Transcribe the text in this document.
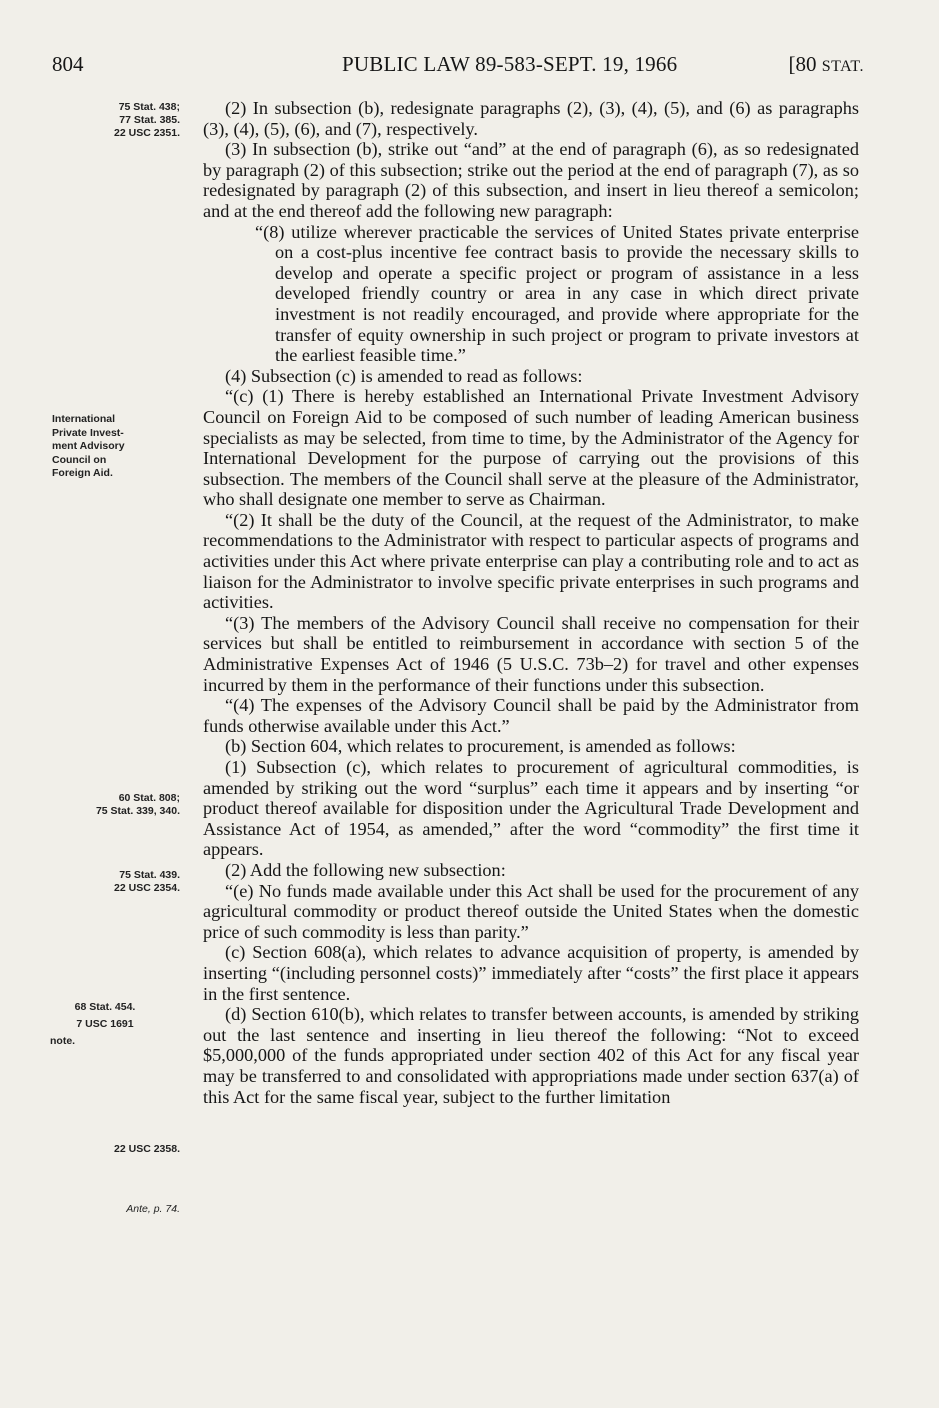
804	PUBLIC LAW 89-583-SEPT. 19, 1966	[80 STAT.
75 Stat. 438;
77 Stat. 385.
22 USC 2351.
International
Private Invest-
ment Advisory
Council on
Foreign Aid.
60 Stat. 808;
75 Stat. 339, 340.
75 Stat. 439.
22 USC 2354.
68 Stat. 454.
7 USC 1691
note.
22 USC 2358.
Ante, p. 74.

(2) In subsection (b), redesignate paragraphs (2), (3), (4), (5), and (6) as paragraphs (3), (4), (5), (6), and (7), respectively.

(3) In subsection (b), strike out “and” at the end of paragraph (6), as so redesignated by paragraph (2) of this subsection; strike out the period at the end of paragraph (7), as so redesignated by paragraph (2) of this subsection, and insert in lieu thereof a semicolon; and at the end thereof add the following new paragraph:

“(8) utilize wherever practicable the services of United States private enterprise on a cost-plus incentive fee contract basis to provide the necessary skills to develop and operate a specific project or program of assistance in a less developed friendly country or area in any case in which direct private investment is not readily encouraged, and provide where appropriate for the transfer of equity ownership in such project or program to private investors at the earliest feasible time.”

(4) Subsection (c) is amended to read as follows:

“(c) (1) There is hereby established an International Private Investment Advisory Council on Foreign Aid to be composed of such number of leading American business specialists as may be selected, from time to time, by the Administrator of the Agency for International Development for the purpose of carrying out the provisions of this subsection. The members of the Council shall serve at the pleasure of the Administrator, who shall designate one member to serve as Chairman.

“(2) It shall be the duty of the Council, at the request of the Administrator, to make recommendations to the Administrator with respect to particular aspects of programs and activities under this Act where private enterprise can play a contributing role and to act as liaison for the Administrator to involve specific private enterprises in such programs and activities.

“(3) The members of the Advisory Council shall receive no compensation for their services but shall be entitled to reimbursement in accordance with section 5 of the Administrative Expenses Act of 1946 (5 U.S.C. 73b–2) for travel and other expenses incurred by them in the performance of their functions under this subsection.

“(4) The expenses of the Advisory Council shall be paid by the Administrator from funds otherwise available under this Act.”

(b) Section 604, which relates to procurement, is amended as follows:

(1) Subsection (c), which relates to procurement of agricultural commodities, is amended by striking out the word “surplus” each time it appears and by inserting “or product thereof available for disposition under the Agricultural Trade Development and Assistance Act of 1954, as amended,” after the word “commodity” the first time it appears.

(2) Add the following new subsection:

“(e) No funds made available under this Act shall be used for the procurement of any agricultural commodity or product thereof outside the United States when the domestic price of such commodity is less than parity.”

(c) Section 608(a), which relates to advance acquisition of property, is amended by inserting “(including personnel costs)” immediately after “costs” the first place it appears in the first sentence.

(d) Section 610(b), which relates to transfer between accounts, is amended by striking out the last sentence and inserting in lieu thereof the following: “Not to exceed $5,000,000 of the funds appropriated under section 402 of this Act for any fiscal year may be transferred to and consolidated with appropriations made under section 637(a) of this Act for the same fiscal year, subject to the further limitation
